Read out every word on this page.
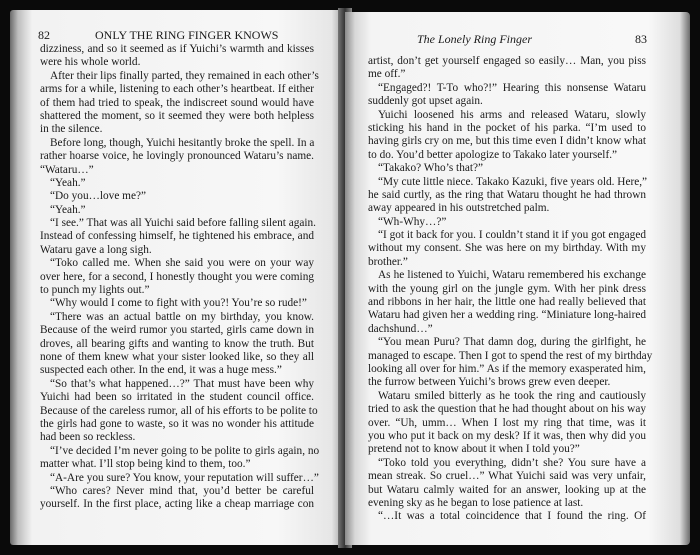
82	ONLY THE RING FINGER KNOWS
dizziness, and so it seemed as if Yuichi’s warmth and kisses
were his whole world.
After their lips finally parted, they remained in each other’s
arms for a while, listening to each other’s heartbeat. If either
of them had tried to speak, the indiscreet sound would have
shattered the moment, so it seemed they were both helpless
in the silence.
Before long, though, Yuichi hesitantly broke the spell. In a
rather hoarse voice, he lovingly pronounced Wataru’s name.
“Wataru…”
“Yeah.”
“Do you…love me?”
“Yeah.”
“I see.” That was all Yuichi said before falling silent again.
Instead of confessing himself, he tightened his embrace, and
Wataru gave a long sigh.
“Toko called me. When she said you were on your way
over here, for a second, I honestly thought you were coming
to punch my lights out.”
“Why would I come to fight with you?! You’re so rude!”
“There was an actual battle on my birthday, you know.
Because of the weird rumor you started, girls came down in
droves, all bearing gifts and wanting to know the truth. But
none of them knew what your sister looked like, so they all
suspected each other. In the end, it was a huge mess.”
“So that’s what happened…?” That must have been why
Yuichi had been so irritated in the student council office.
Because of the careless rumor, all of his efforts to be polite to
the girls had gone to waste, so it was no wonder his attitude
had been so reckless.
“I’ve decided I’m never going to be polite to girls again, no
matter what. I’ll stop being kind to them, too.”
“A-Are you sure? You know, your reputation will suffer…”
“Who cares? Never mind that, you’d better be careful
yourself. In the first place, acting like a cheap marriage con
The Lonely Ring Finger	83
artist, don’t get yourself engaged so easily… Man, you piss
me off.”
“Engaged?! T-To who?!” Hearing this nonsense Wataru
suddenly got upset again.
Yuichi loosened his arms and released Wataru, slowly
sticking his hand in the pocket of his parka. “I’m used to
having girls cry on me, but this time even I didn’t know what
to do. You’d better apologize to Takako later yourself.”
“Takako? Who’s that?”
“My cute little niece. Takako Kazuki, five years old. Here,”
he said curtly, as the ring that Wataru thought he had thrown
away appeared in his outstretched palm.
“Wh-Why…?”
“I got it back for you. I couldn’t stand it if you got engaged
without my consent. She was here on my birthday. With my
brother.”
As he listened to Yuichi, Wataru remembered his exchange
with the young girl on the jungle gym. With her pink dress
and ribbons in her hair, the little one had really believed that
Wataru had given her a wedding ring. “Miniature long-haired
dachshund…”
“You mean Puru? That damn dog, during the girlfight, he
managed to escape. Then I got to spend the rest of my birthday
looking all over for him.” As if the memory exasperated him,
the furrow between Yuichi’s brows grew even deeper.
Wataru smiled bitterly as he took the ring and cautiously
tried to ask the question that he had thought about on his way
over. “Uh, umm… When I lost my ring that time, was it
you who put it back on my desk? If it was, then why did you
pretend not to know about it when I told you?”
“Toko told you everything, didn’t she? You sure have a
mean streak. So cruel…” What Yuichi said was very unfair,
but Wataru calmly waited for an answer, looking up at the
evening sky as he began to lose patience at last.
“…It was a total coincidence that I found the ring. Of
